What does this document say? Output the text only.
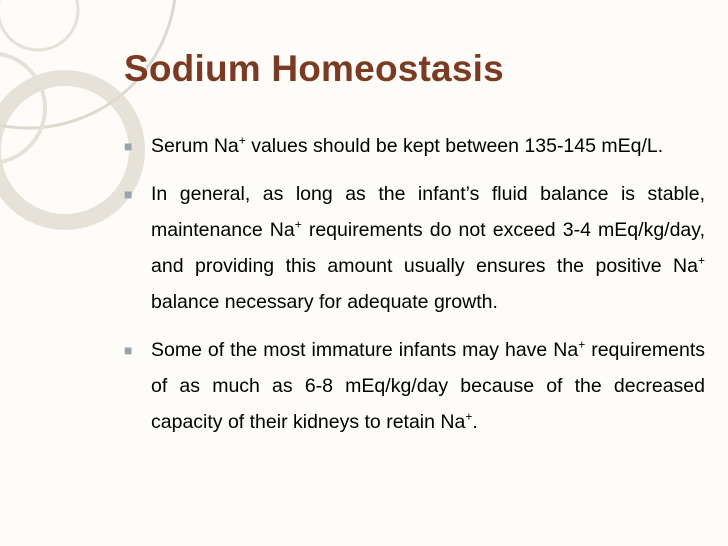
Sodium Homeostasis
■ Serum Na+ values should be kept between 135-145 mEq/L.
■ In general, as long as the infant’s fluid balance is stable, maintenance Na+ requirements do not exceed 3-4 mEq/kg/day, and providing this amount usually ensures the positive Na+ balance necessary for adequate growth.
■ Some of the most immature infants may have Na+ requirements of as much as 6-8 mEq/kg/day because of the decreased capacity of their kidneys to retain Na+.
